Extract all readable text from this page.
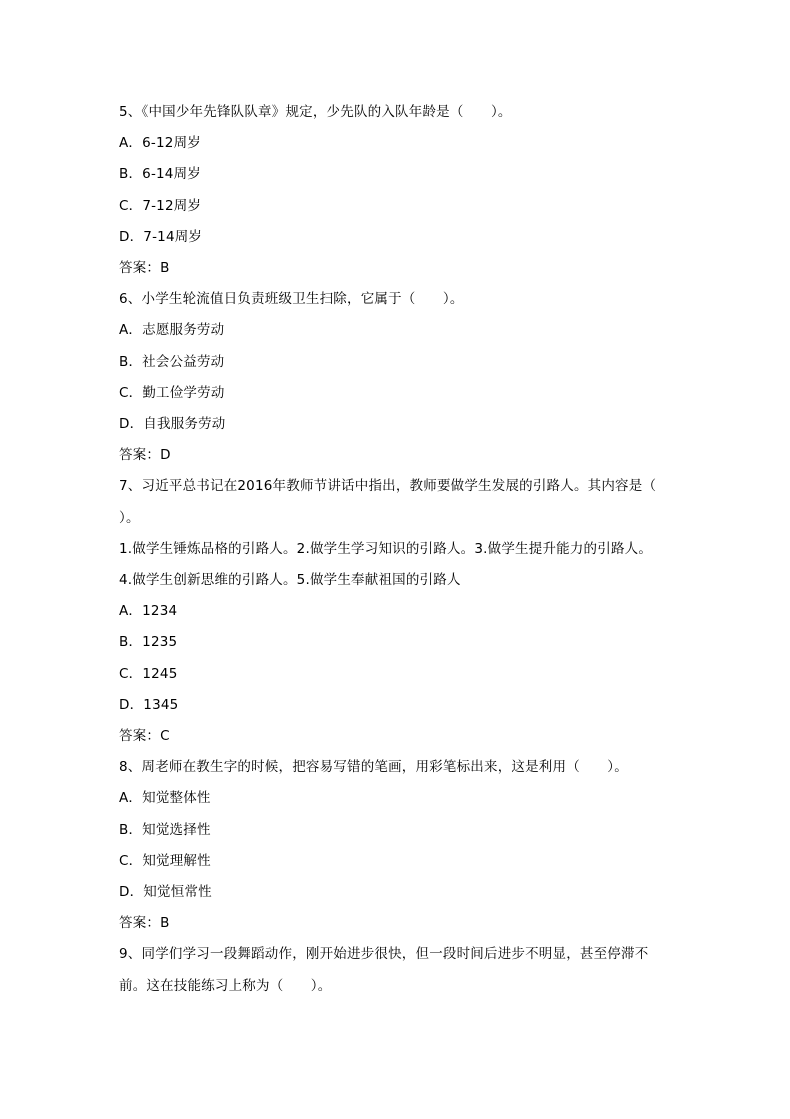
5、《中国少年先锋队队章》规定，少先队的入队年龄是（　　）。
A．6-12周岁
B．6-14周岁
C．7-12周岁
D．7-14周岁
答案：B
6、小学生轮流值日负责班级卫生扫除，它属于（　　）。
A．志愿服务劳动
B．社会公益劳动
C．勤工俭学劳动
D．自我服务劳动
答案：D
7、习近平总书记在2016年教师节讲话中指出，教师要做学生发展的引路人。其内容是（
）。
1.做学生锤炼品格的引路人。2.做学生学习知识的引路人。3.做学生提升能力的引路人。
4.做学生创新思维的引路人。5.做学生奉献祖国的引路人
A．1234
B．1235
C．1245
D．1345
答案：C
8、周老师在教生字的时候，把容易写错的笔画，用彩笔标出来，这是利用（　　）。
A．知觉整体性
B．知觉选择性
C．知觉理解性
D．知觉恒常性
答案：B
9、同学们学习一段舞蹈动作，刚开始进步很快，但一段时间后进步不明显，甚至停滞不
前。这在技能练习上称为（　　）。
